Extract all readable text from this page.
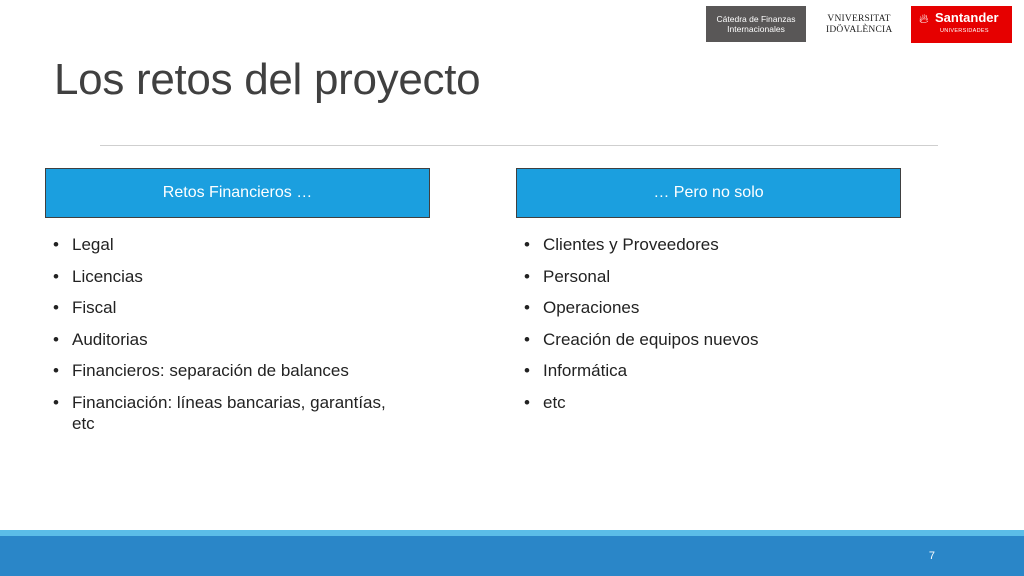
Cátedra de Finanzas
Internacionales
VNIVERSITAT
IDÖVALÈNCIA
🔥︎ Santander
UNIVERSIDADES
Los retos del proyecto
Retos Financieros …	… Pero no solo
• Legal
• Licencias
• Fiscal
• Auditorias
• Financieros: separación de balances
• Financiación: líneas bancarias, garantías, etc
• Clientes y Proveedores
• Personal
• Operaciones
• Creación de equipos nuevos
• Informática
• etc
7
